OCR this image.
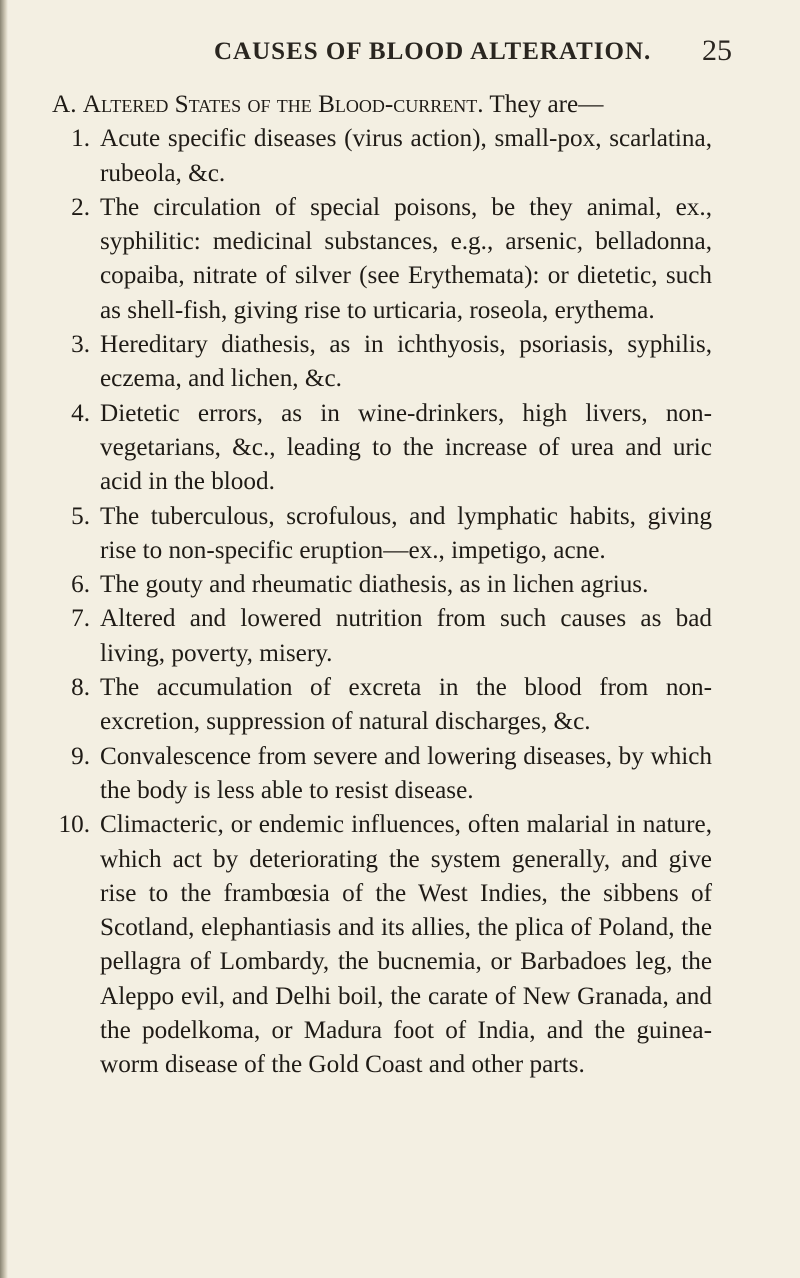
CAUSES OF BLOOD ALTERATION. 25

A. Altered States of the Blood-current. They are—

1. Acute specific diseases (virus action), small-pox, scarlatina, rubeola, &c.
2. The circulation of special poisons, be they animal, ex., syphilitic: medicinal substances, e.g., arsenic, belladonna, copaiba, nitrate of silver (see Erythemata): or dietetic, such as shell-fish, giving rise to urticaria, roseola, erythema.
3. Hereditary diathesis, as in ichthyosis, psoriasis, syphilis, eczema, and lichen, &c.
4. Dietetic errors, as in wine-drinkers, high livers, non-vegetarians, &c., leading to the increase of urea and uric acid in the blood.
5. The tuberculous, scrofulous, and lymphatic habits, giving rise to non-specific eruption—ex., impetigo, acne.
6. The gouty and rheumatic diathesis, as in lichen agrius.
7. Altered and lowered nutrition from such causes as bad living, poverty, misery.
8. The accumulation of excreta in the blood from non-excretion, suppression of natural discharges, &c.
9. Convalescence from severe and lowering diseases, by which the body is less able to resist disease.
10. Climacteric, or endemic influences, often malarial in nature, which act by deteriorating the system generally, and give rise to the frambœsia of the West Indies, the sibbens of Scotland, elephantiasis and its allies, the plica of Poland, the pellagra of Lombardy, the bucnemia, or Barbadoes leg, the Aleppo evil, and Delhi boil, the carate of New Granada, and the podelkoma, or Madura foot of India, and the guinea-worm disease of the Gold Coast and other parts.
